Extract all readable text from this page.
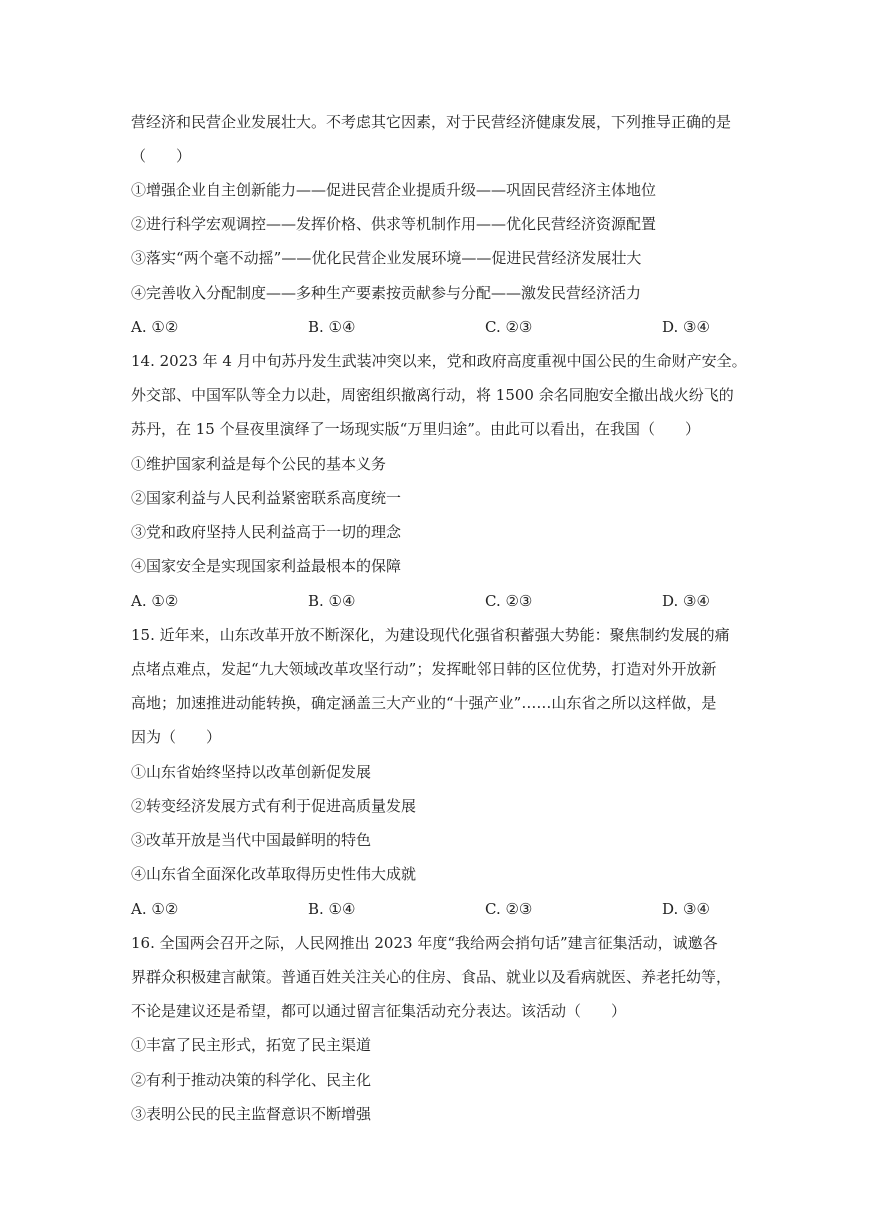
营经济和民营企业发展壮大。不考虑其它因素，对于民营经济健康发展，下列推导正确的是
（　　）
①增强企业自主创新能力——促进民营企业提质升级——巩固民营经济主体地位
②进行科学宏观调控——发挥价格、供求等机制作用——优化民营经济资源配置
③落实“两个毫不动摇”——优化民营企业发展环境——促进民营经济发展壮大
④完善收入分配制度——多种生产要素按贡献参与分配——激发民营经济活力
A. ①②	B. ①④	C. ②③	D. ③④
14. 2023 年 4 月中旬苏丹发生武装冲突以来，党和政府高度重视中国公民的生命财产安全。
外交部、中国军队等全力以赴，周密组织撤离行动，将 1500 余名同胞安全撤出战火纷飞的
苏丹，在 15 个昼夜里演绎了一场现实版“万里归途”。由此可以看出，在我国（　　）
①维护国家利益是每个公民的基本义务
②国家利益与人民利益紧密联系高度统一
③党和政府坚持人民利益高于一切的理念
④国家安全是实现国家利益最根本的保障
A. ①②	B. ①④	C. ②③	D. ③④
15. 近年来，山东改革开放不断深化，为建设现代化强省积蓄强大势能：聚焦制约发展的痛
点堵点难点，发起“九大领域改革攻坚行动”；发挥毗邻日韩的区位优势，打造对外开放新
高地；加速推进动能转换，确定涵盖三大产业的“十强产业”……山东省之所以这样做，是
因为（　　）
①山东省始终坚持以改革创新促发展
②转变经济发展方式有利于促进高质量发展
③改革开放是当代中国最鲜明的特色
④山东省全面深化改革取得历史性伟大成就
A. ①②	B. ①④	C. ②③	D. ③④
16. 全国两会召开之际，人民网推出 2023 年度“我给两会捎句话”建言征集活动，诚邀各
界群众积极建言献策。普通百姓关注关心的住房、食品、就业以及看病就医、养老托幼等，
不论是建议还是希望，都可以通过留言征集活动充分表达。该活动（　　）
①丰富了民主形式，拓宽了民主渠道
②有利于推动决策的科学化、民主化
③表明公民的民主监督意识不断增强
